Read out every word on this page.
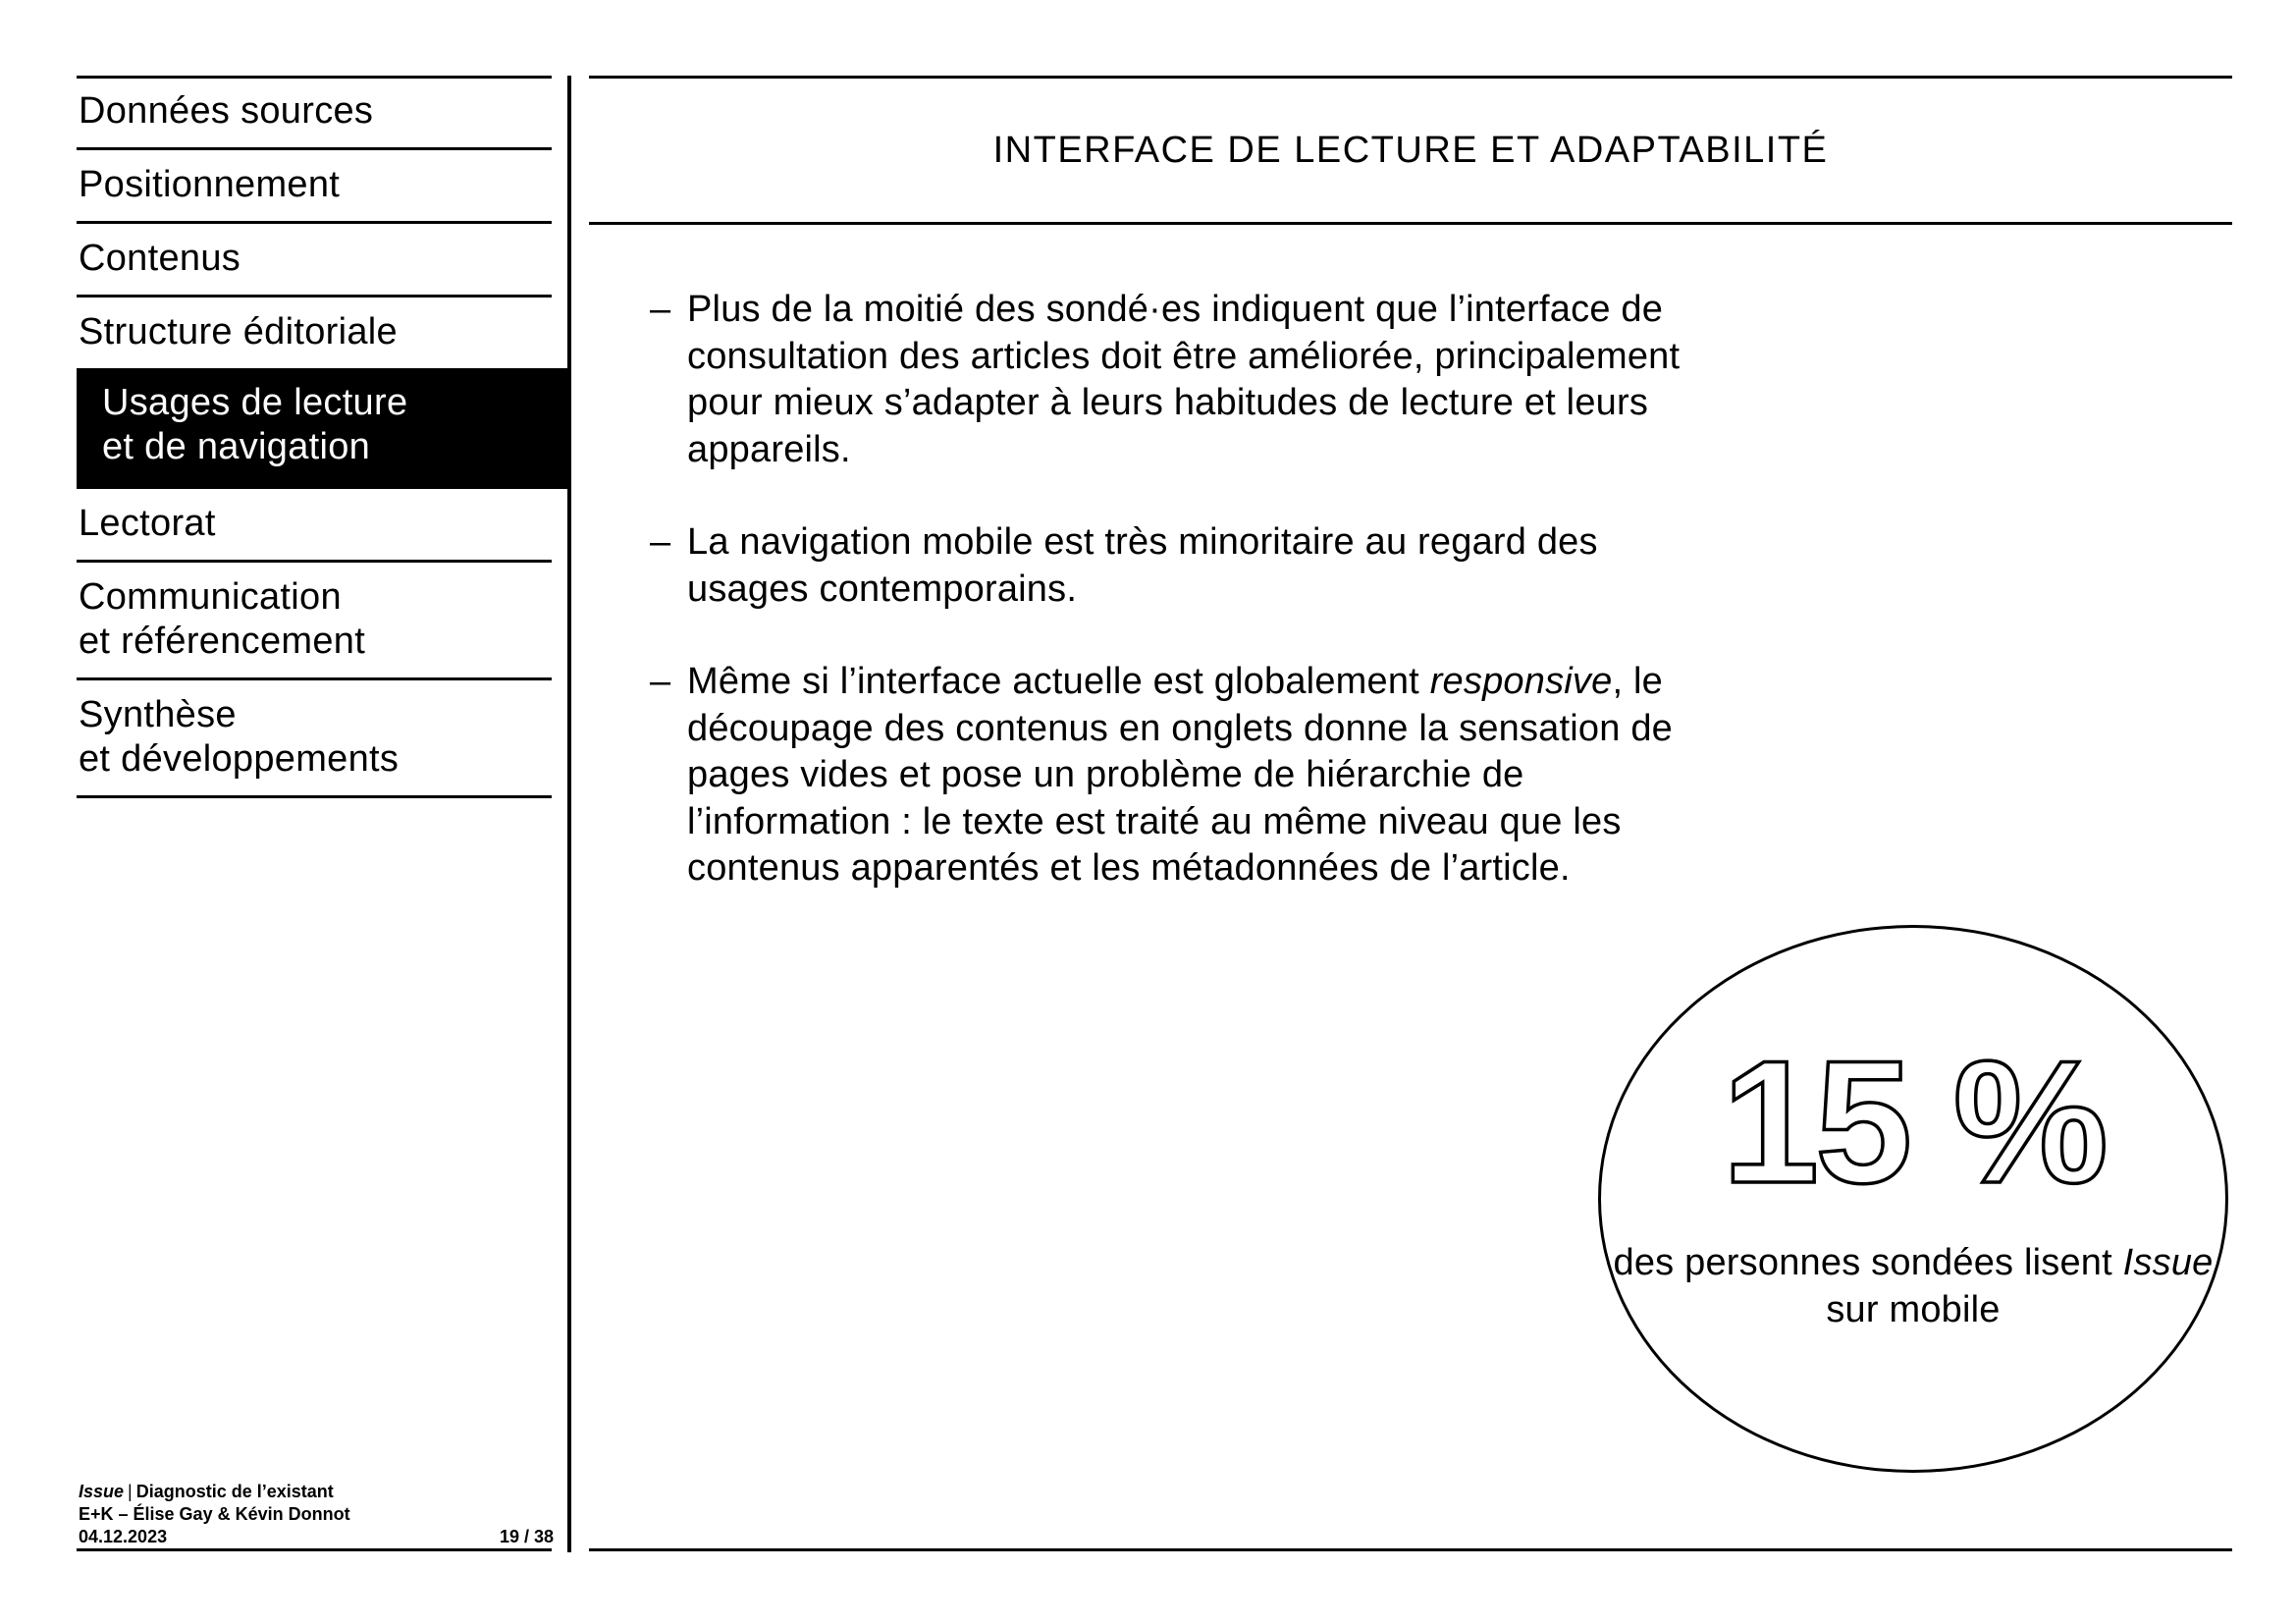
Données sources
Positionnement
Contenus
Structure éditoriale
Usages de lecture
et de navigation
Lectorat
Communication
et référencement
Synthèse
et développements
Issue | Diagnostic de l’existant
E+K – Élise Gay & Kévin Donnot
04.12.2023	19 / 38
INTERFACE DE LECTURE ET ADAPTABILITÉ
– Plus de la moitié des sondé·es indiquent que l’interface de consultation des articles doit être améliorée, principalement pour mieux s’adapter à leurs habitudes de lecture et leurs appareils.
– La navigation mobile est très minoritaire au regard des usages contemporains.
– Même si l’interface actuelle est globalement responsive, le découpage des contenus en onglets donne la sensation de pages vides et pose un problème de hiérarchie de l’information : le texte est traité au même niveau que les contenus apparentés et les métadonnées de l’article.
15 %
des personnes sondées lisent Issue sur mobile
